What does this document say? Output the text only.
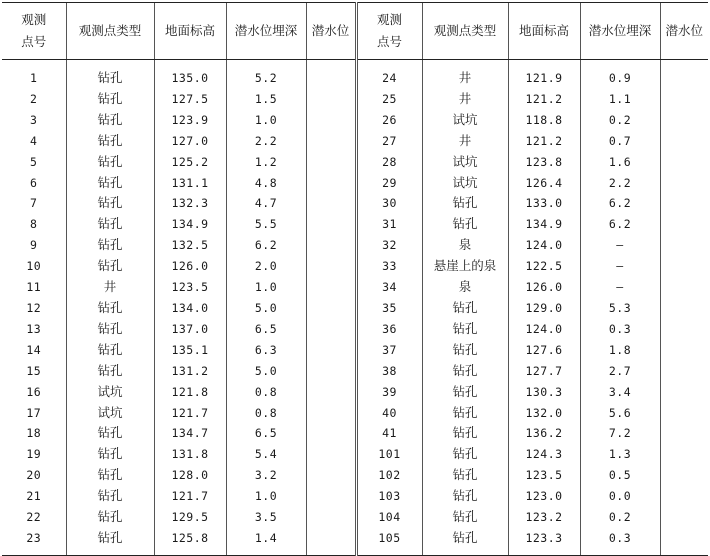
观测
点号	观测点类型	地面标高	潜水位埋深	潜水位	观测
点号	观测点类型	地面标高	潜水位埋深	潜水位
1	钻孔	135.0	5.2		24	井	121.9	0.9	
2	钻孔	127.5	1.5		25	井	121.2	1.1	
3	钻孔	123.9	1.0		26	试坑	118.8	0.2	
4	钻孔	127.0	2.2		27	井	121.2	0.7	
5	钻孔	125.2	1.2		28	试坑	123.8	1.6	
6	钻孔	131.1	4.8		29	试坑	126.4	2.2	
7	钻孔	132.3	4.7		30	钻孔	133.0	6.2	
8	钻孔	134.9	5.5		31	钻孔	134.9	6.2	
9	钻孔	132.5	6.2		32	泉	124.0	—	
10	钻孔	126.0	2.0		33	悬崖上的泉	122.5	—	
11	井	123.5	1.0		34	泉	126.0	—	
12	钻孔	134.0	5.0		35	钻孔	129.0	5.3	
13	钻孔	137.0	6.5		36	钻孔	124.0	0.3	
14	钻孔	135.1	6.3		37	钻孔	127.6	1.8	
15	钻孔	131.2	5.0		38	钻孔	127.7	2.7	
16	试坑	121.8	0.8		39	钻孔	130.3	3.4	
17	试坑	121.7	0.8		40	钻孔	132.0	5.6	
18	钻孔	134.7	6.5		41	钻孔	136.2	7.2	
19	钻孔	131.8	5.4		101	钻孔	124.3	1.3	
20	钻孔	128.0	3.2		102	钻孔	123.5	0.5	
21	钻孔	121.7	1.0		103	钻孔	123.0	0.0	
22	钻孔	129.5	3.5		104	钻孔	123.2	0.2	
23	钻孔	125.8	1.4		105	钻孔	123.3	0.3	
